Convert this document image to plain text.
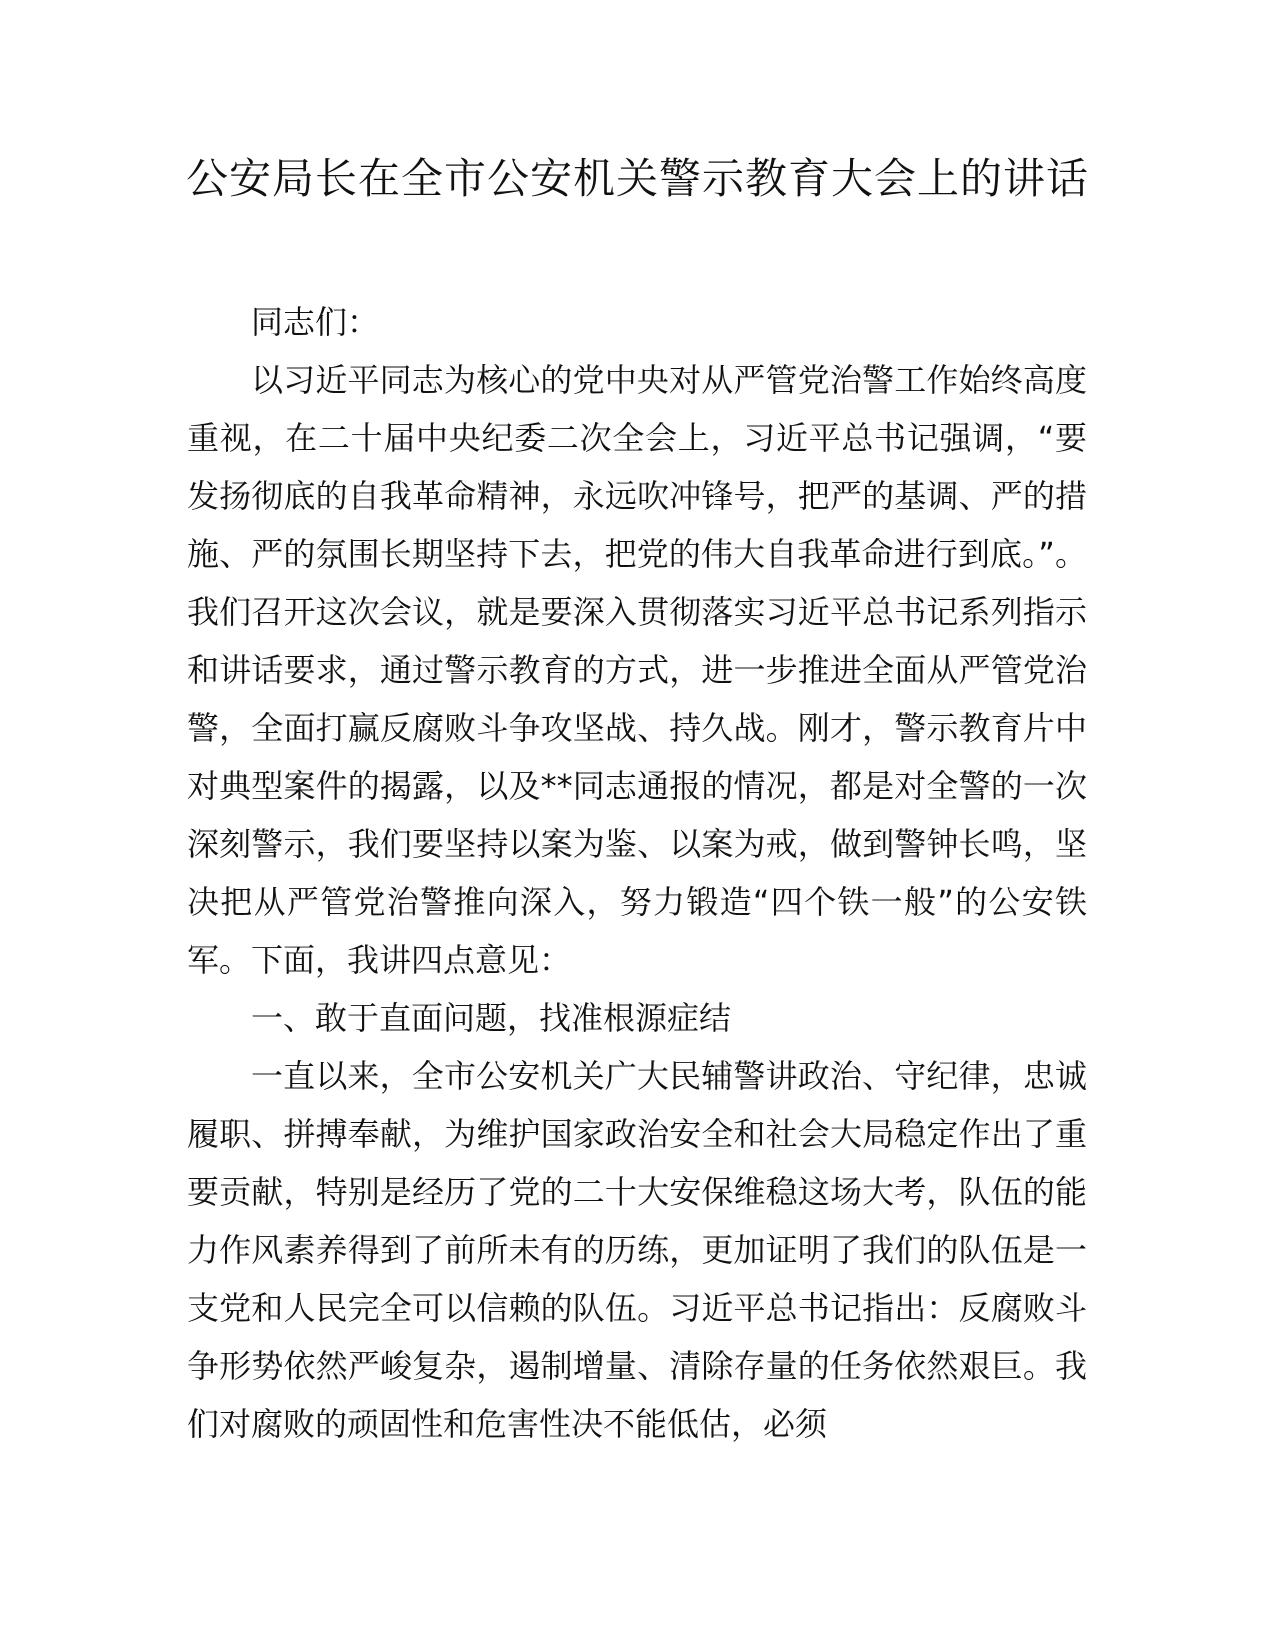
公安局长在全市公安机关警示教育大会上的讲话

同志们：

以习近平同志为核心的党中央对从严管党治警工作始终高度重视，在二十届中央纪委二次全会上，习近平总书记强调，“要发扬彻底的自我革命精神，永远吹冲锋号，把严的基调、严的措施、严的氛围长期坚持下去，把党的伟大自我革命进行到底。”。我们召开这次会议，就是要深入贯彻落实习近平总书记系列指示和讲话要求，通过警示教育的方式，进一步推进全面从严管党治警，全面打赢反腐败斗争攻坚战、持久战。刚才，警示教育片中对典型案件的揭露，以及**同志通报的情况，都是对全警的一次深刻警示，我们要坚持以案为鉴、以案为戒，做到警钟长鸣，坚决把从严管党治警推向深入，努力锻造“四个铁一般”的公安铁军。下面，我讲四点意见：

一、敢于直面问题，找准根源症结

一直以来，全市公安机关广大民辅警讲政治、守纪律，忠诚履职、拼搏奉献，为维护国家政治安全和社会大局稳定作出了重要贡献，特别是经历了党的二十大安保维稳这场大考，队伍的能力作风素养得到了前所未有的历练，更加证明了我们的队伍是一支党和人民完全可以信赖的队伍。习近平总书记指出：反腐败斗争形势依然严峻复杂，遏制增量、清除存量的任务依然艰巨。我们对腐败的顽固性和危害性决不能低估，必须
